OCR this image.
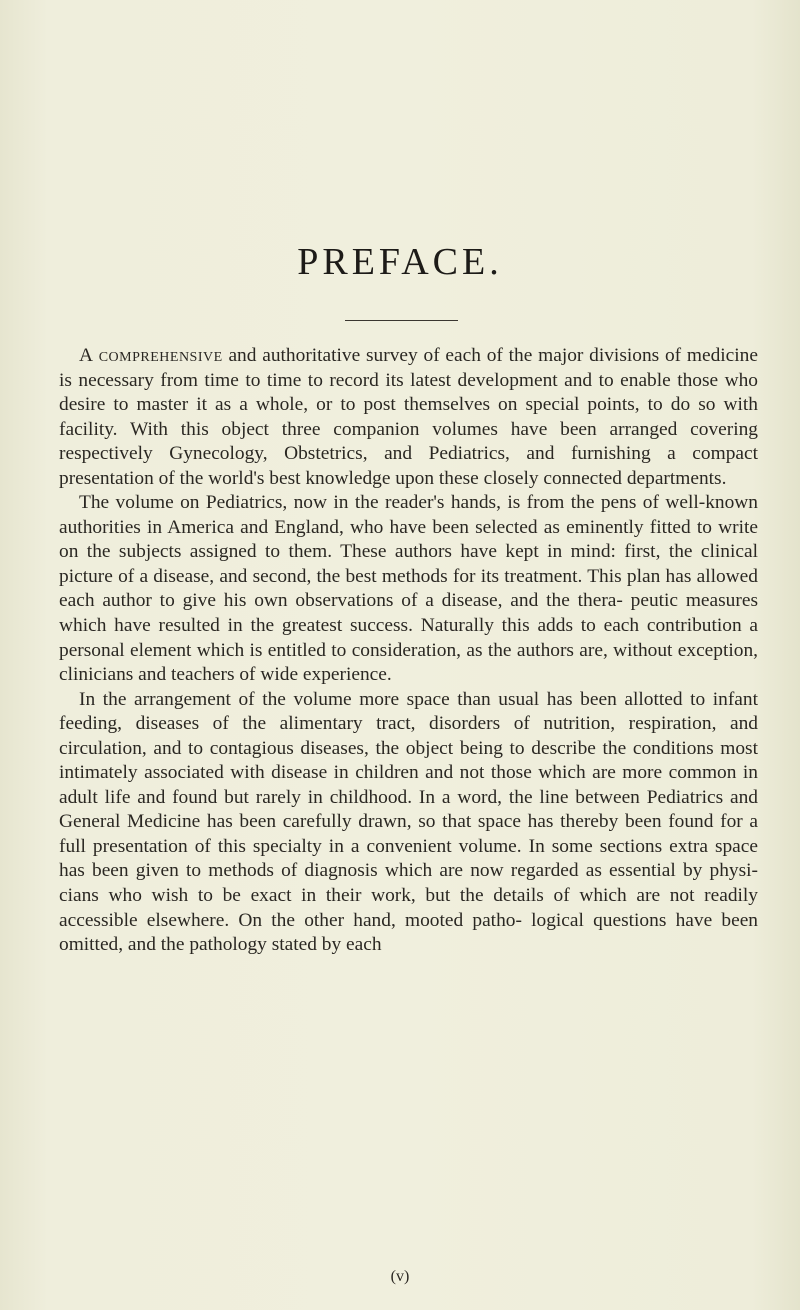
PREFACE.

A comprehensive and authoritative survey of each of the major divisions of medicine is necessary from time to time to record its latest development and to enable those who desire to master it as a whole, or to post themselves on special points, to do so with facility. With this object three companion volumes have been arranged covering respectively Gynecology, Obstetrics, and Pediatrics, and furnishing a compact presentation of the world's best knowledge upon these closely connected departments.

The volume on Pediatrics, now in the reader's hands, is from the pens of well-known authorities in America and England, who have been selected as eminently fitted to write on the subjects assigned to them. These authors have kept in mind: first, the clinical picture of a disease, and second, the best methods for its treatment. This plan has allowed each author to give his own observations of a disease, and the thera- peutic measures which have resulted in the greatest success. Naturally this adds to each contribution a personal element which is entitled to consideration, as the authors are, without exception, clinicians and teachers of wide experience.

In the arrangement of the volume more space than usual has been allotted to infant feeding, diseases of the alimentary tract, disorders of nutrition, respiration, and circulation, and to contagious diseases, the object being to describe the conditions most intimately associated with disease in children and not those which are more common in adult life and found but rarely in childhood. In a word, the line between Pediatrics and General Medicine has been carefully drawn, so that space has thereby been found for a full presentation of this specialty in a convenient volume. In some sections extra space has been given to methods of diagnosis which are now regarded as essential by physi- cians who wish to be exact in their work, but the details of which are not readily accessible elsewhere. On the other hand, mooted patho- logical questions have been omitted, and the pathology stated by each

(v)
